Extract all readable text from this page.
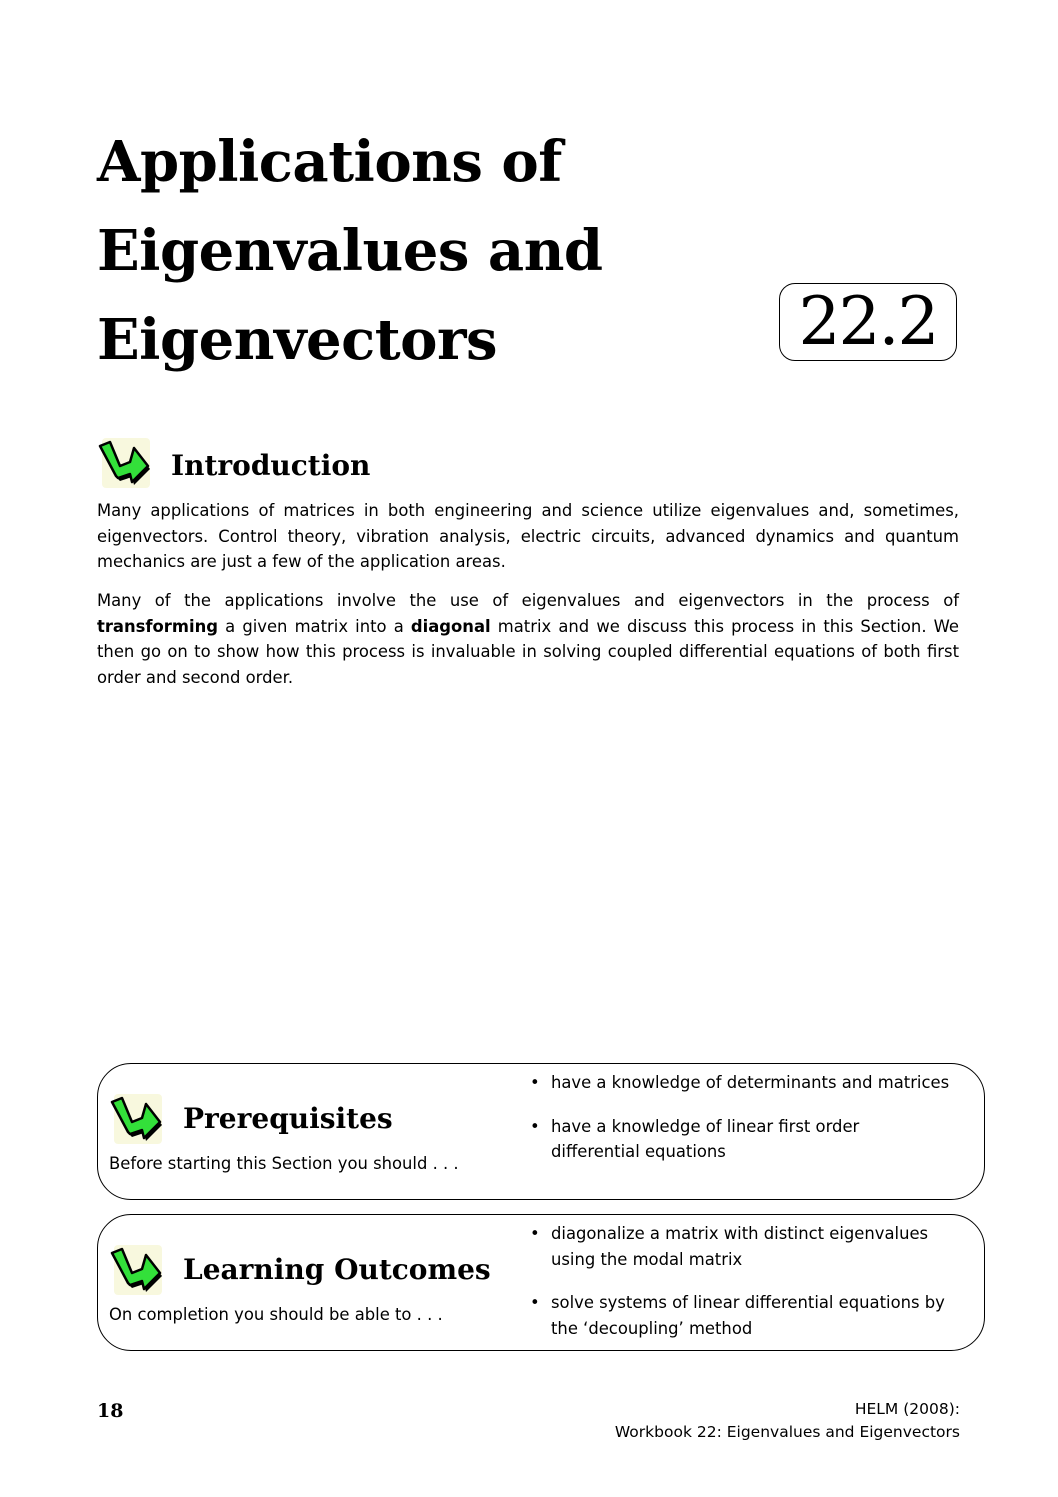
Applications of
Eigenvalues and
Eigenvectors	22.2
Introduction

Many applications of matrices in both engineering and science utilize eigenvalues and, sometimes, eigenvectors. Control theory, vibration analysis, electric circuits, advanced dynamics and quantum mechanics are just a few of the application areas.

Many of the applications involve the use of eigenvalues and eigenvectors in the process of transforming a given matrix into a diagonal matrix and we discuss this process in this Section. We then go on to show how this process is invaluable in solving coupled differential equations of both first order and second order.

Prerequisites
Before starting this Section you should . . .
• have a knowledge of determinants and matrices
• have a knowledge of linear first order differential equations
Learning Outcomes
On completion you should be able to . . .
• diagonalize a matrix with distinct eigenvalues using the modal matrix
• solve systems of linear differential equations by the ‘decoupling’ method
18	HELM (2008):
Workbook 22: Eigenvalues and Eigenvectors
